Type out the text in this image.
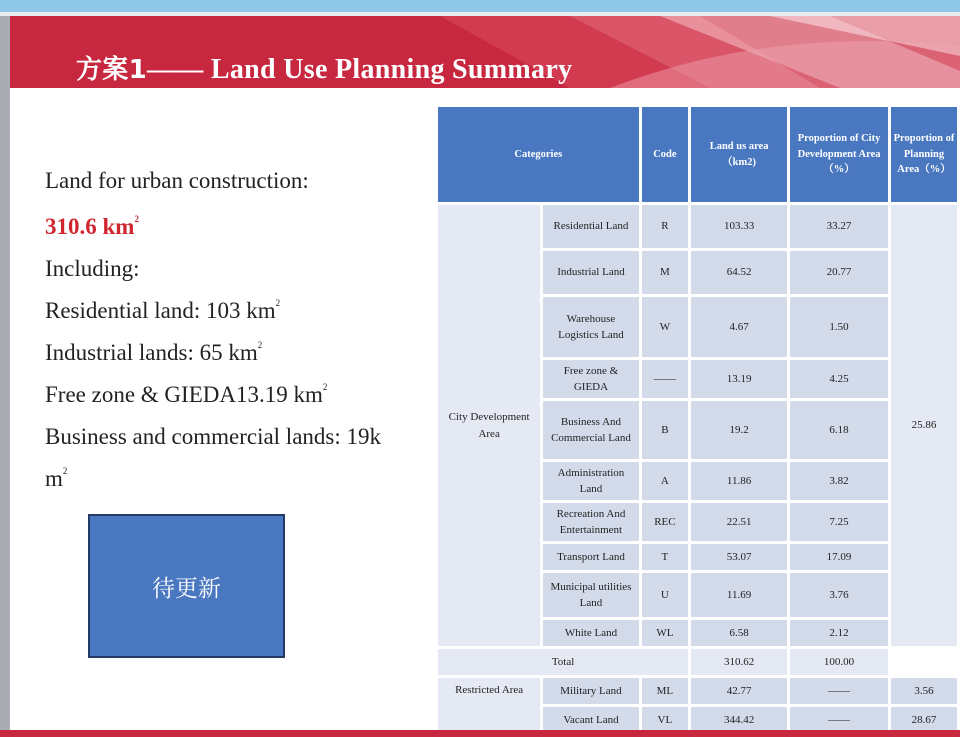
方案1—— Land Use Planning Summary
Land for urban construction:
310.6 $km^2$
Including:
Residential land: 103 $km^2$
Industrial lands: 65 $km^2$
Free zone & GIEDA13.19 $km^2$
Business and commercial lands: 19k
$m^2$
待更新
Categories		Code	Land us area（km2)	Proportion of City Development Area（%）	Proportion of Planning Area（%）
City Development Area	Residential Land	R	103.33	33.27	25.86
	Industrial Land	M	64.52	20.77	
	Warehouse Logistics Land	W	4.67	1.50	
	Free zone & GIEDA	——	13.19	4.25	
	Business And Commercial Land	B	19.2	6.18	
	Administration Land	A	11.86	3.82	
	Recreation And Entertainment	REC	22.51	7.25	
	Transport Land	T	53.07	17.09	
	Municipal utilities Land	U	11.69	3.76	
	White Land	WL	6.58	2.12	
Total			310.62	100.00	
Restricted Area	Military Land	ML	42.77	——	3.56
	Vacant Land	VL	344.42	——	28.67
